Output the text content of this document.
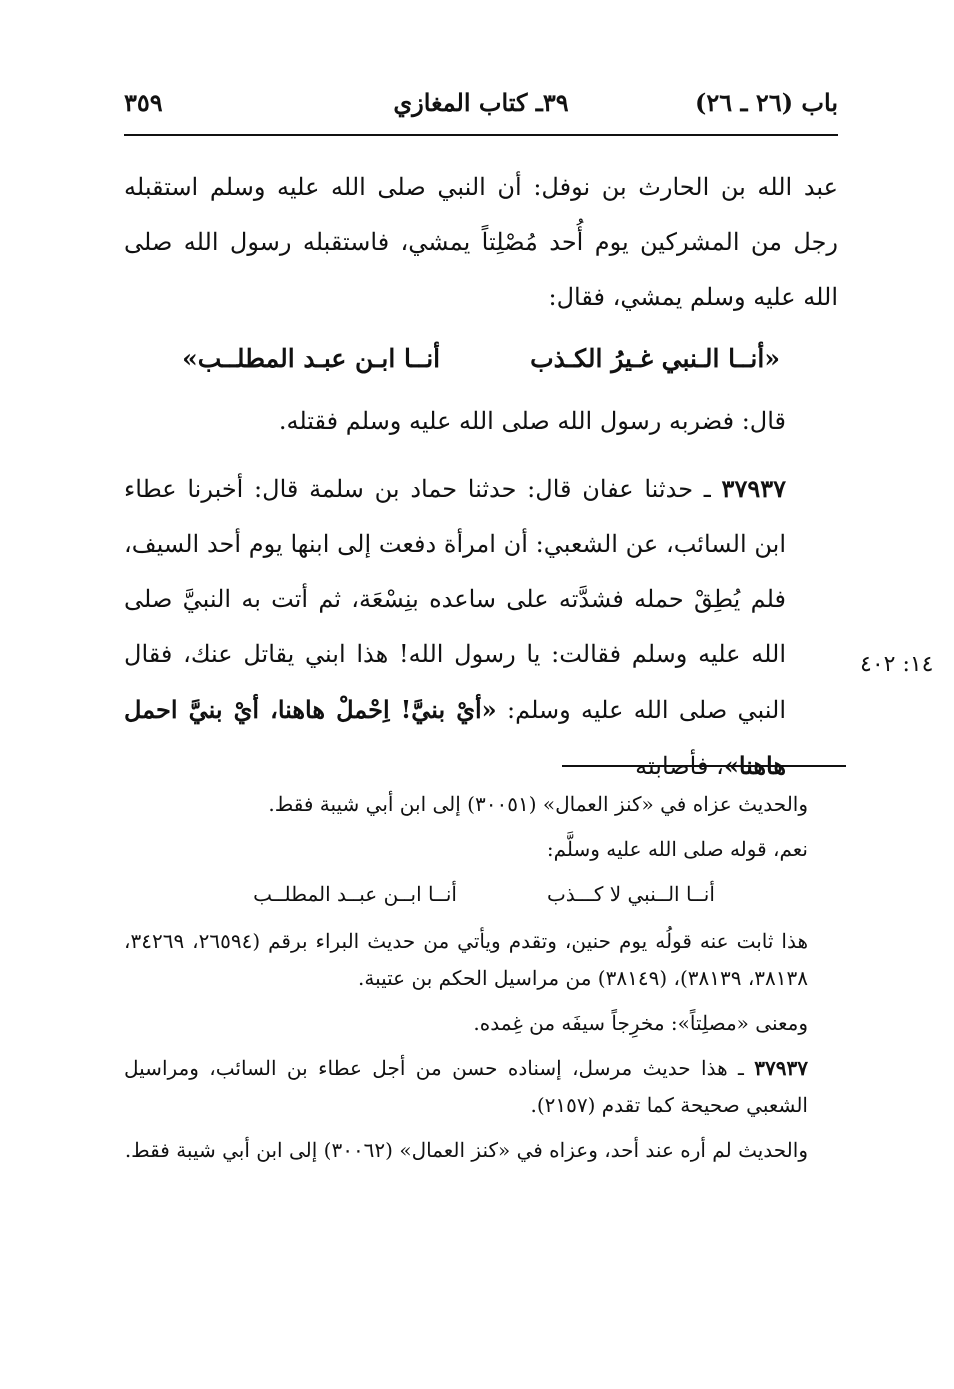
باب (٢٦ ـ ٢٦)
٣٩ـ كتاب المغازي
٣٥٩

عبد الله بن الحارث بن نوفل: أن النبي صلى الله عليه وسلم استقبله رجل من المشركين يوم أُحد مُصْلِتاً يمشي، فاستقبله رسول الله صلى الله عليه وسلم يمشي، فقال:

«أنــا الـنبي غـيرُ الكـذب
أنــا ابـن عبـد المطلــب»

قال: فضربه رسول الله صلى الله عليه وسلم فقتله.

٣٧٩٣٧ ـ حدثنا عفان قال: حدثنا حماد بن سلمة قال: أخبرنا عطاء ابن السائب، عن الشعبي: أن امرأة دفعت إلى ابنها يوم أحد السيف، فلم يُطِقْ حمله فشدَّته على ساعده بنِسْعَة، ثم أتت به النبيَّ صلى الله عليه وسلم فقالت: يا رسول الله! هذا ابني يقاتل عنك، فقال النبي صلى الله عليه وسلم: «أيْ بنيَّ! اِحْملْ هاهنا، أيْ بنيَّ احمل هاهنا»، فأصابته

١٤: ٤٠٢

والحديث عزاه في «كنز العمال» (٣٠٠٥١) إلى ابن أبي شيبة فقط.

نعم، قوله صلى الله عليه وسلَّم:

أنــا الــنبي لا كـــذب
أنــا ابــن عبــد المطلــب

هذا ثابت عنه قولُه يوم حنين، وتقدم ويأتي من حديث البراء برقم (٢٦٥٩٤، ٣٤٢٦٩، ٣٨١٣٨، ٣٨١٣٩)، (٣٨١٤٩) من مراسيل الحكم بن عتيبة.

ومعنى «مصلِتاً»: مخرِجاً سيفَه من غِمده.

٣٧٩٣٧ ـ هذا حديث مرسل، إسناده حسن من أجل عطاء بن السائب، ومراسيل الشعبي صحيحة كما تقدم (٢١٥٧).

والحديث لم أره عند أحد، وعزاه في «كنز العمال» (٣٠٠٦٢) إلى ابن أبي شيبة فقط.
